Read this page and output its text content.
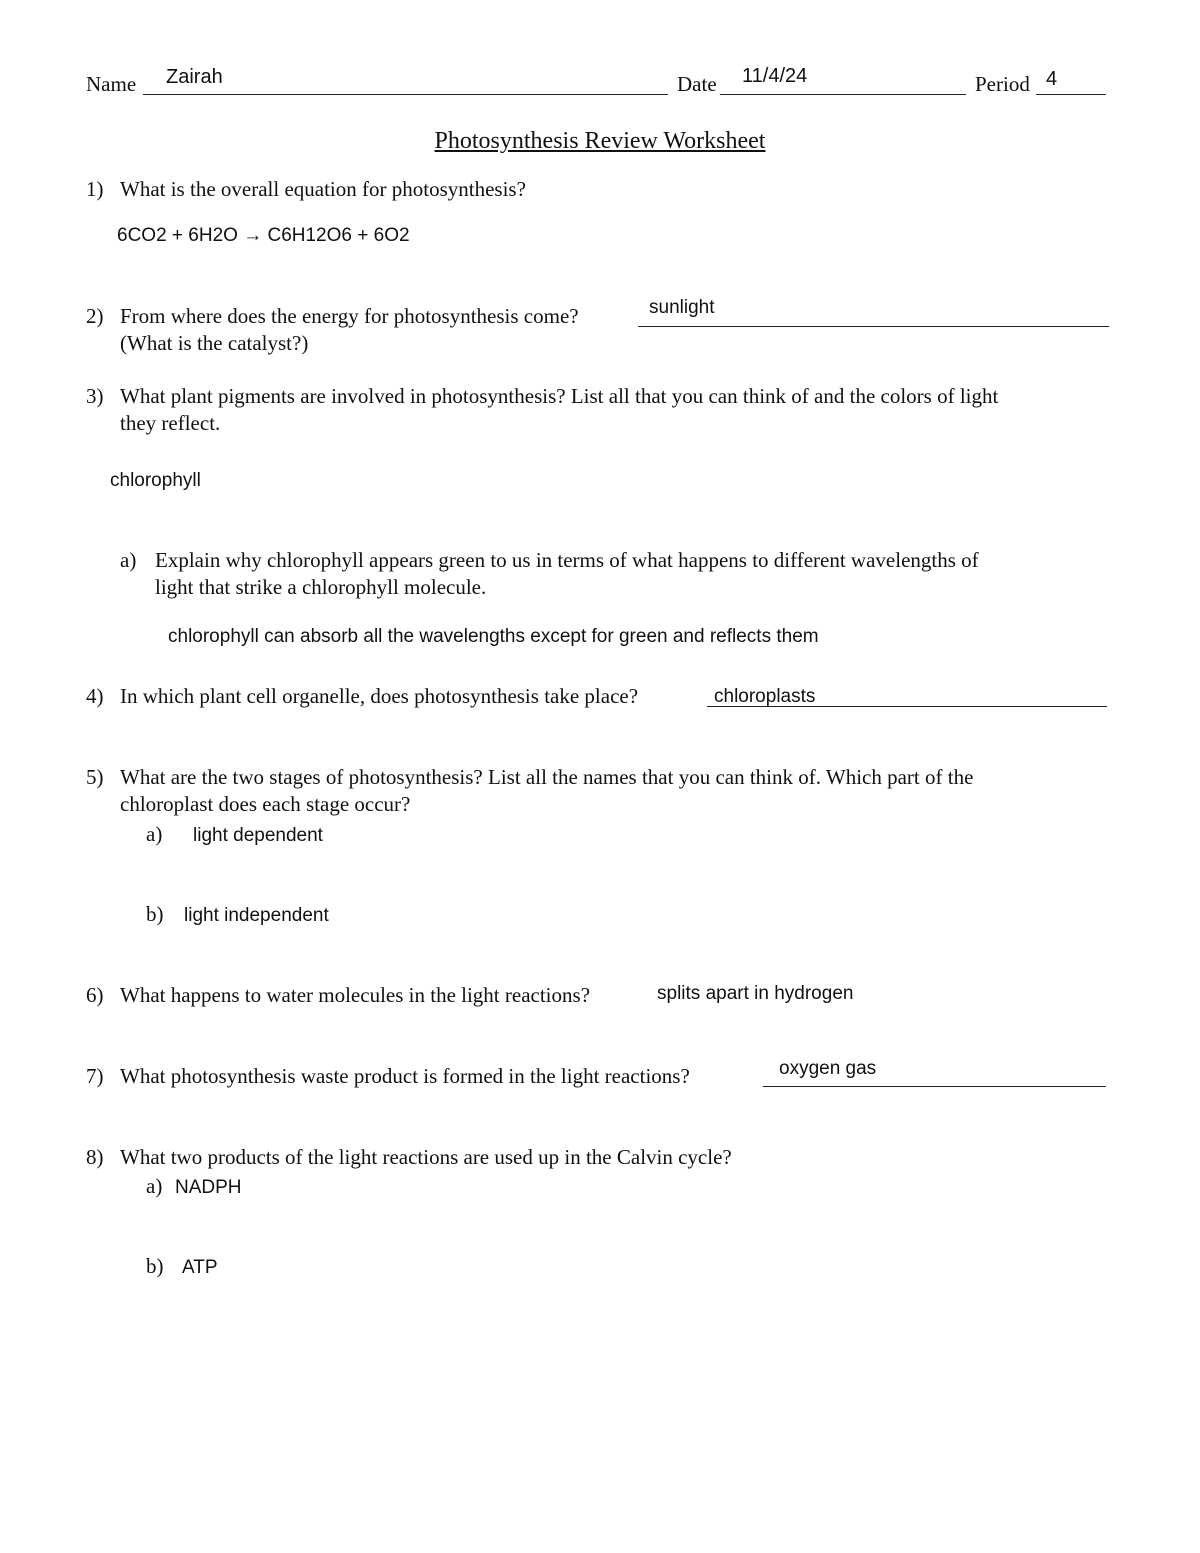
Name Zairah	Date 11/4/24	Period 4
Photosynthesis Review Worksheet
1) What is the overall equation for photosynthesis?
6CO2 + 6H2O → C6H12O6 + 6O2
2) From where does the energy for photosynthesis come?	sunlight
(What is the catalyst?)
3) What plant pigments are involved in photosynthesis? List all that you can think of and the colors of light
they reflect.
chlorophyll
a) Explain why chlorophyll appears green to us in terms of what happens to different wavelengths of
light that strike a chlorophyll molecule.
chlorophyll can absorb all the wavelengths except for green and reflects them
4) In which plant cell organelle, does photosynthesis take place?	chloroplasts
5) What are the two stages of photosynthesis? List all the names that you can think of. Which part of the
chloroplast does each stage occur?
a) light dependent
b) light independent
6) What happens to water molecules in the light reactions?	splits apart in hydrogen
7) What photosynthesis waste product is formed in the light reactions?	oxygen gas
8) What two products of the light reactions are used up in the Calvin cycle?
a) NADPH
b) ATP
